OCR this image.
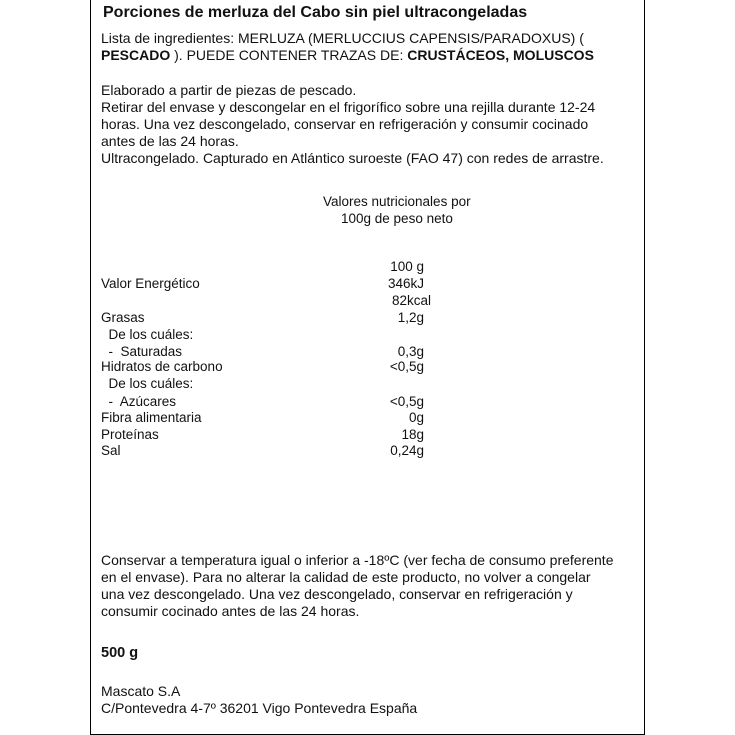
Porciones de merluza del Cabo sin piel ultracongeladas
Lista de ingredientes: MERLUZA (MERLUCCIUS CAPENSIS/PARADOXUS) (
PESCADO ). PUEDE CONTENER TRAZAS DE: CRUSTÁCEOS, MOLUSCOS
Elaborado a partir de piezas de pescado.
Retirar del envase y descongelar en el frigorífico sobre una rejilla durante 12-24
horas. Una vez descongelado, conservar en refrigeración y consumir cocinado
antes de las 24 horas.
Ultracongelado. Capturado en Atlántico suroeste (FAO 47) con redes de arrastre.
Valores nutricionales por
100g de peso neto
100 g
Valor Energético	346kJ
82kcal
Grasas	1,2g
De los cuáles:
-  Saturadas	0,3g
Hidratos de carbono	<0,5g
De los cuáles:
-  Azúcares	<0,5g
Fibra alimentaria	0g
Proteínas	18g
Sal	0,24g
Conservar a temperatura igual o inferior a -18ºC (ver fecha de consumo preferente
en el envase). Para no alterar la calidad de este producto, no volver a congelar
una vez descongelado. Una vez descongelado, conservar en refrigeración y
consumir cocinado antes de las 24 horas.
500 g
Mascato S.A
C/Pontevedra 4-7º 36201 Vigo Pontevedra España
